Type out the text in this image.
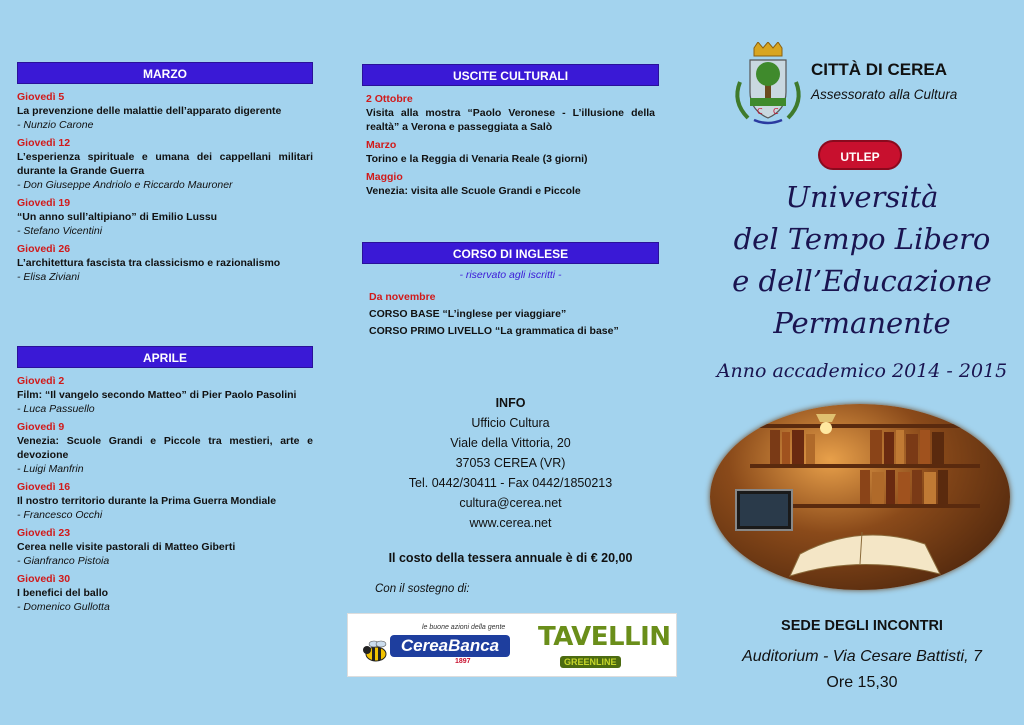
MARZO
Giovedì 5
La prevenzione delle malattie dell’apparato digerente
- Nunzio Carone
Giovedì 12
L’esperienza spirituale e umana dei cappellani militari durante la Grande Guerra
- Don Giuseppe Andriolo e Riccardo Mauroner
Giovedì 19
“Un anno sull’altipiano” di Emilio Lussu
- Stefano Vicentini
Giovedì 26
L’architettura fascista tra classicismo e razionalismo
- Elisa Ziviani
APRILE
Giovedì 2
Film: “Il vangelo secondo Matteo” di Pier Paolo Pasolini
- Luca Passuello
Giovedì 9
Venezia: Scuole Grandi e Piccole tra mestieri, arte e devozione
- Luigi Manfrin
Giovedì 16
Il nostro territorio durante la Prima Guerra Mondiale
- Francesco Occhi
Giovedì 23
Cerea nelle visite pastorali di Matteo Giberti
- Gianfranco Pistoia
Giovedì 30
I benefici del ballo
- Domenico Gullotta
USCITE CULTURALI
2 Ottobre
Visita alla mostra “Paolo Veronese - L’illusione della realtà” a Verona e passeggiata a Salò
Marzo
Torino e la Reggia di Venaria Reale (3 giorni)
Maggio
Venezia: visita alle Scuole Grandi e Piccole
CORSO DI INGLESE
- riservato agli iscritti -
Da novembre
CORSO BASE “L’inglese per viaggiare”
CORSO PRIMO LIVELLO “La grammatica di base”
INFO
Ufficio Cultura
Viale della Vittoria, 20
37053 CEREA (VR)
Tel. 0442/30411 - Fax 0442/1850213
cultura@cerea.net
www.cerea.net
Il costo della tessera annuale è di € 20,00
Con il sostegno di:
le buone azioni della gente
CereaBanca
1897
TAVELLIN
GREENLINE
C C
CITTÀ DI CEREA
Assessorato alla Cultura
UTLEP
Università
del Tempo Libero
e dell’Educazione
Permanente
Anno accademico 2014 - 2015
SEDE DEGLI INCONTRI
Auditorium - Via Cesare Battisti, 7
Ore 15,30
